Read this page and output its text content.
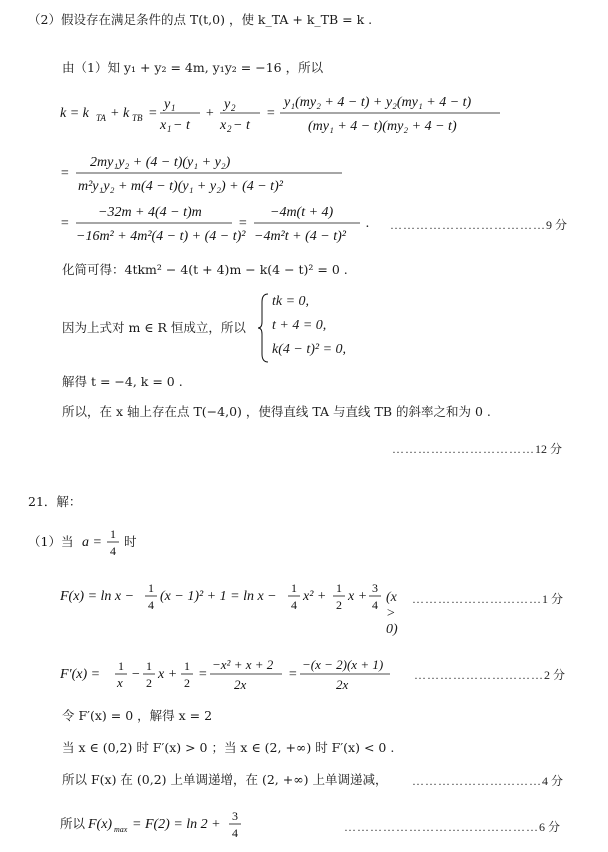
（2）假设存在满足条件的点 T(t,0) ，使 k_TA + k_TB = k .
由（1）知 y₁ + y₂ = 4m, y₁y₂ = −16 ，所以
k = k TA + k TB =
y 1
x 1 − t
+
y 2
x 2 − t
=
y₁(my₂ + 4 − t) + y₂(my₁ + 4 − t)
(my₁ + 4 − t)(my₂ + 4 − t)
=
2my₁y₂ + (4 − t)(y₁ + y₂)
m²y₁y₂ + m(4 − t)(y₁ + y₂) + (4 − t)²
=
−32m + 4(4 − t)m
−16m² + 4m²(4 − t) + (4 − t)²
=
−4m(t + 4)
−4m²t + (4 − t)²
. ………………………………9 分
化简可得：4tkm² − 4(t + 4)m − k(4 − t)² = 0 .
因为上式对 m ∈ R 恒成立，所以
tk = 0,
t + 4 = 0,
k(4 − t)² = 0,
解得 t = −4, k = 0 .
所以，在 x 轴上存在点 T(−4,0) ，使得直线 TA 与直线 TB 的斜率之和为 0 .
……………………………12 分
21．解：
（1）当 a =
1
4
时
F(x) = ln x −
1
4
(x − 1)² + 1 = ln x −
1
4
x² +
1
2
x +
3
4 (x > 0)
…………………………1 分
F′(x) =
1
x
−
1
2
x +
1
2
=
−x² + x + 2
2x
=
−(x − 2)(x + 1)
2x
…………………………2 分
令 F′(x) = 0 ，解得 x = 2
当 x ∈ (0,2) 时 F′(x) > 0 ；当 x ∈ (2, +∞) 时 F′(x) < 0 .
所以 F(x) 在 (0,2) 上单调递增，在 (2, +∞) 上单调递减， …………………………4 分
所以 F(x) max = F(2) = ln 2 +
3
4	………………………………………6 分
